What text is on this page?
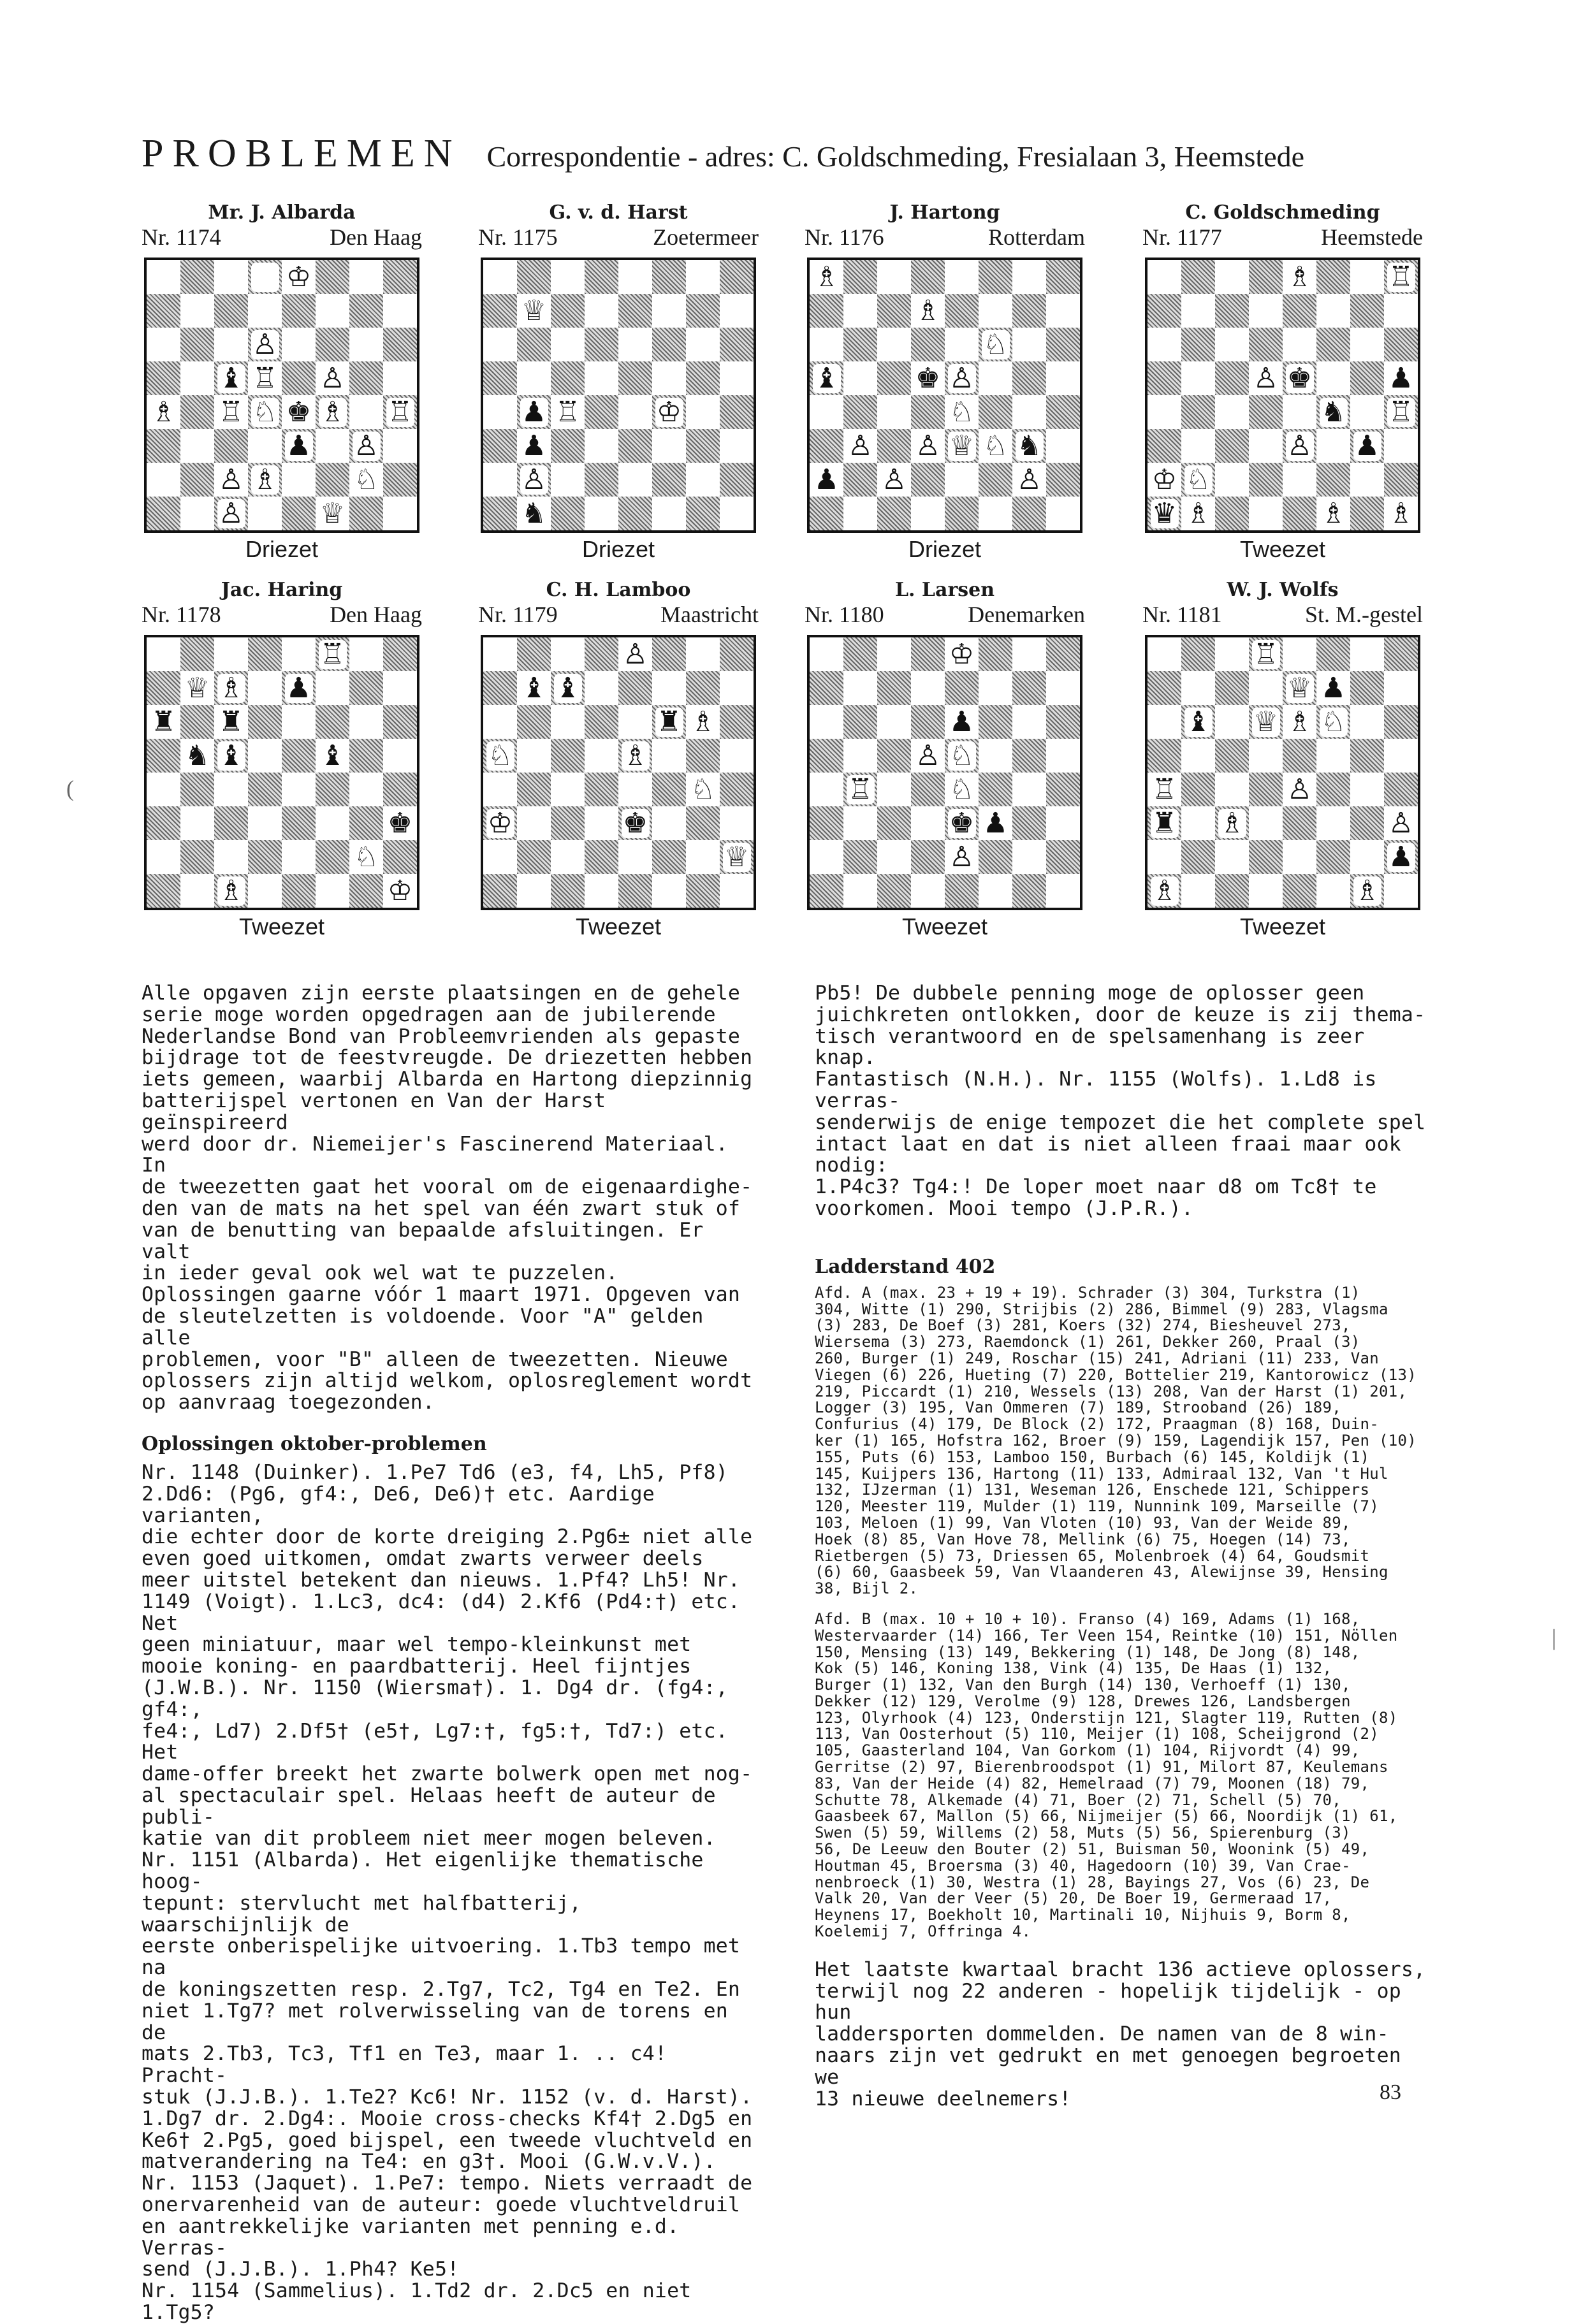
PROBLEMEN Correspondentie - adres: C. Goldschmeding, Fresialaan 3, Heemstede
Mr. J. Albarda
Nr. 1174	Den Haag
♔
♙
♝ ♖ ♙
♗ ♖ ♘ ♚ ♗ ♖
♟ ♙
♙ ♗	♘
♙	♕
Driezet
G. v. d. Harst
Nr. 1175	Zoetermeer
♕
♟ ♖	♔
♟
♙
♞
Driezet
J. Hartong
Nr. 1176	Rotterdam
♗
♗
♘
♝	♚ ♙
♘
♙ ♙ ♕ ♘ ♞
♟ ♙	♙
Driezet
C. Goldschmeding
Nr. 1177	Heemstede
♗	♖
♙ ♚	♟
♞ ♖
♙ ♟
♔ ♘
♛ ♗	♗ ♗
Tweezet
Jac. Haring
Nr. 1178	Den Haag
♖
♕ ♗ ♟
♜ ♜
♞ ♝	♝
♚
♘
♗	♔
Tweezet
C. H. Lamboo
Nr. 1179	Maastricht
♙
♝ ♝
♜ ♗
♘	♗
♘
♔	♚
♕
Tweezet
L. Larsen
Nr. 1180	Denemarken
♔
♟
♙ ♘
♖	♘
♚ ♟
♙
Tweezet
W. J. Wolfs
Nr. 1181	St. M.-gestel
♖
♕ ♟
♝ ♕ ♗ ♘
♖	♙
♜ ♗	♙
♟
♗	♗
Tweezet

Alle opgaven zijn eerste plaatsingen en de gehele
serie moge worden opgedragen aan de jubilerende
Nederlandse Bond van Probleemvrienden als gepaste
bijdrage tot de feestvreugde. De driezetten hebben
iets gemeen, waarbij Albarda en Hartong diepzinnig
batterijspel vertonen en Van der Harst geïnspireerd
werd door dr. Niemeijer's Fascinerend Materiaal. In
de tweezetten gaat het vooral om de eigenaardighe-
den van de mats na het spel van één zwart stuk of
van de benutting van bepaalde afsluitingen. Er valt
in ieder geval ook wel wat te puzzelen.
Oplossingen gaarne vóór 1 maart 1971. Opgeven van
de sleutelzetten is voldoende. Voor "A" gelden alle
problemen, voor "B" alleen de tweezetten. Nieuwe
oplossers zijn altijd welkom, oplosreglement wordt
op aanvraag toegezonden.

Oplossingen oktober-problemen

Nr. 1148 (Duinker). 1.Pe7 Td6 (e3, f4, Lh5, Pf8)
2.Dd6: (Pg6, gf4:, De6, De6)† etc. Aardige varianten,
die echter door de korte dreiging 2.Pg6± niet alle
even goed uitkomen, omdat zwarts verweer deels
meer uitstel betekent dan nieuws. 1.Pf4? Lh5! Nr.
1149 (Voigt). 1.Lc3, dc4: (d4) 2.Kf6 (Pd4:†) etc. Net
geen miniatuur, maar wel tempo-kleinkunst met
mooie koning- en paardbatterij. Heel fijntjes
(J.W.B.). Nr. 1150 (Wiersma†). 1. Dg4 dr. (fg4:, gf4:,
fe4:, Ld7) 2.Df5† (e5†, Lg7:†, fg5:†, Td7:) etc. Het
dame-offer breekt het zwarte bolwerk open met nog-
al spectaculair spel. Helaas heeft de auteur de publi-
katie van dit probleem niet meer mogen beleven.
Nr. 1151 (Albarda). Het eigenlijke thematische hoog-
tepunt: stervlucht met halfbatterij, waarschijnlijk de
eerste onberispelijke uitvoering. 1.Tb3 tempo met na
de koningszetten resp. 2.Tg7, Tc2, Tg4 en Te2. En
niet 1.Tg7? met rolverwisseling van de torens en de
mats 2.Tb3, Tc3, Tf1 en Te3, maar 1. .. c4! Pracht-
stuk (J.J.B.). 1.Te2? Kc6! Nr. 1152 (v. d. Harst).
1.Dg7 dr. 2.Dg4:. Mooie cross-checks Kf4† 2.Dg5 en
Ke6† 2.Pg5, goed bijspel, een tweede vluchtveld en
matverandering na Te4: en g3†. Mooi (G.W.v.V.).
Nr. 1153 (Jaquet). 1.Pe7: tempo. Niets verraadt de
onervarenheid van de auteur: goede vluchtveldruil
en aantrekkelijke varianten met penning e.d. Verras-
send (J.J.B.). 1.Ph4? Ke5!
Nr. 1154 (Sammelius). 1.Td2 dr. 2.Dc5 en niet 1.Tg5?

Pb5! De dubbele penning moge de oplosser geen
juichkreten ontlokken, door de keuze is zij thema-
tisch verantwoord en de spelsamenhang is zeer knap.
Fantastisch (N.H.). Nr. 1155 (Wolfs). 1.Ld8 is verras-
senderwijs de enige tempozet die het complete spel
intact laat en dat is niet alleen fraai maar ook nodig:
1.P4c3? Tg4:! De loper moet naar d8 om Tc8† te
voorkomen. Mooi tempo (J.P.R.).

Ladderstand 402

Afd. A (max. 23 + 19 + 19). Schrader (3) 304, Turkstra (1)
304, Witte (1) 290, Strijbis (2) 286, Bimmel (9) 283, Vlagsma
(3) 283, De Boef (3) 281, Koers (32) 274, Biesheuvel 273,
Wiersema (3) 273, Raemdonck (1) 261, Dekker 260, Praal (3)
260, Burger (1) 249, Roschar (15) 241, Adriani (11) 233, Van
Viegen (6) 226, Hueting (7) 220, Bottelier 219, Kantorowicz (13)
219, Piccardt (1) 210, Wessels (13) 208, Van der Harst (1) 201,
Logger (3) 195, Van Ommeren (7) 189, Strooband (26) 189,
Confurius (4) 179, De Block (2) 172, Praagman (8) 168, Duin-
ker (1) 165, Hofstra 162, Broer (9) 159, Lagendijk 157, Pen (10)
155, Puts (6) 153, Lamboo 150, Burbach (6) 145, Koldijk (1)
145, Kuijpers 136, Hartong (11) 133, Admiraal 132, Van 't Hul
132, IJzerman (1) 131, Weseman 126, Enschede 121, Schippers
120, Meester 119, Mulder (1) 119, Nunnink 109, Marseille (7)
103, Meloen (1) 99, Van Vloten (10) 93, Van der Weide 89,
Hoek (8) 85, Van Hove 78, Mellink (6) 75, Hoegen (14) 73,
Rietbergen (5) 73, Driessen 65, Molenbroek (4) 64, Goudsmit
(6) 60, Gaasbeek 59, Van Vlaanderen 43, Alewijnse 39, Hensing
38, Bijl 2.

Afd. B (max. 10 + 10 + 10). Franso (4) 169, Adams (1) 168,
Westervaarder (14) 166, Ter Veen 154, Reintke (10) 151, Nöllen
150, Mensing (13) 149, Bekkering (1) 148, De Jong (8) 148,
Kok (5) 146, Koning 138, Vink (4) 135, De Haas (1) 132,
Burger (1) 132, Van den Burgh (14) 130, Verhoeff (1) 130,
Dekker (12) 129, Verolme (9) 128, Drewes 126, Landsbergen
123, Olyrhook (4) 123, Onderstijn 121, Slagter 119, Rutten (8)
113, Van Oosterhout (5) 110, Meijer (1) 108, Scheijgrond (2)
105, Gaasterland 104, Van Gorkom (1) 104, Rijvordt (4) 99,
Gerritse (2) 97, Bierenbroodspot (1) 91, Milort 87, Keulemans
83, Van der Heide (4) 82, Hemelraad (7) 79, Moonen (18) 79,
Schutte 78, Alkemade (4) 71, Boer (2) 71, Schell (5) 70,
Gaasbeek 67, Mallon (5) 66, Nijmeijer (5) 66, Noordijk (1) 61,
Swen (5) 59, Willems (2) 58, Muts (5) 56, Spierenburg (3)
56, De Leeuw den Bouter (2) 51, Buisman 50, Woonink (5) 49,
Houtman 45, Broersma (3) 40, Hagedoorn (10) 39, Van Crae-
nenbroeck (1) 30, Westra (1) 28, Bayings 27, Vos (6) 23, De
Valk 20, Van der Veer (5) 20, De Boer 19, Germeraad 17,
Heynens 17, Boekholt 10, Martinali 10, Nijhuis 9, Borm 8,
Koelemij 7, Offringa 4.

Het laatste kwartaal bracht 136 actieve oplossers,
terwijl nog 22 anderen - hopelijk tijdelijk - op hun
laddersporten dommelden. De namen van de 8 win-
naars zijn vet gedrukt en met genoegen begroeten we
13 nieuwe deelnemers!	83
(
|
